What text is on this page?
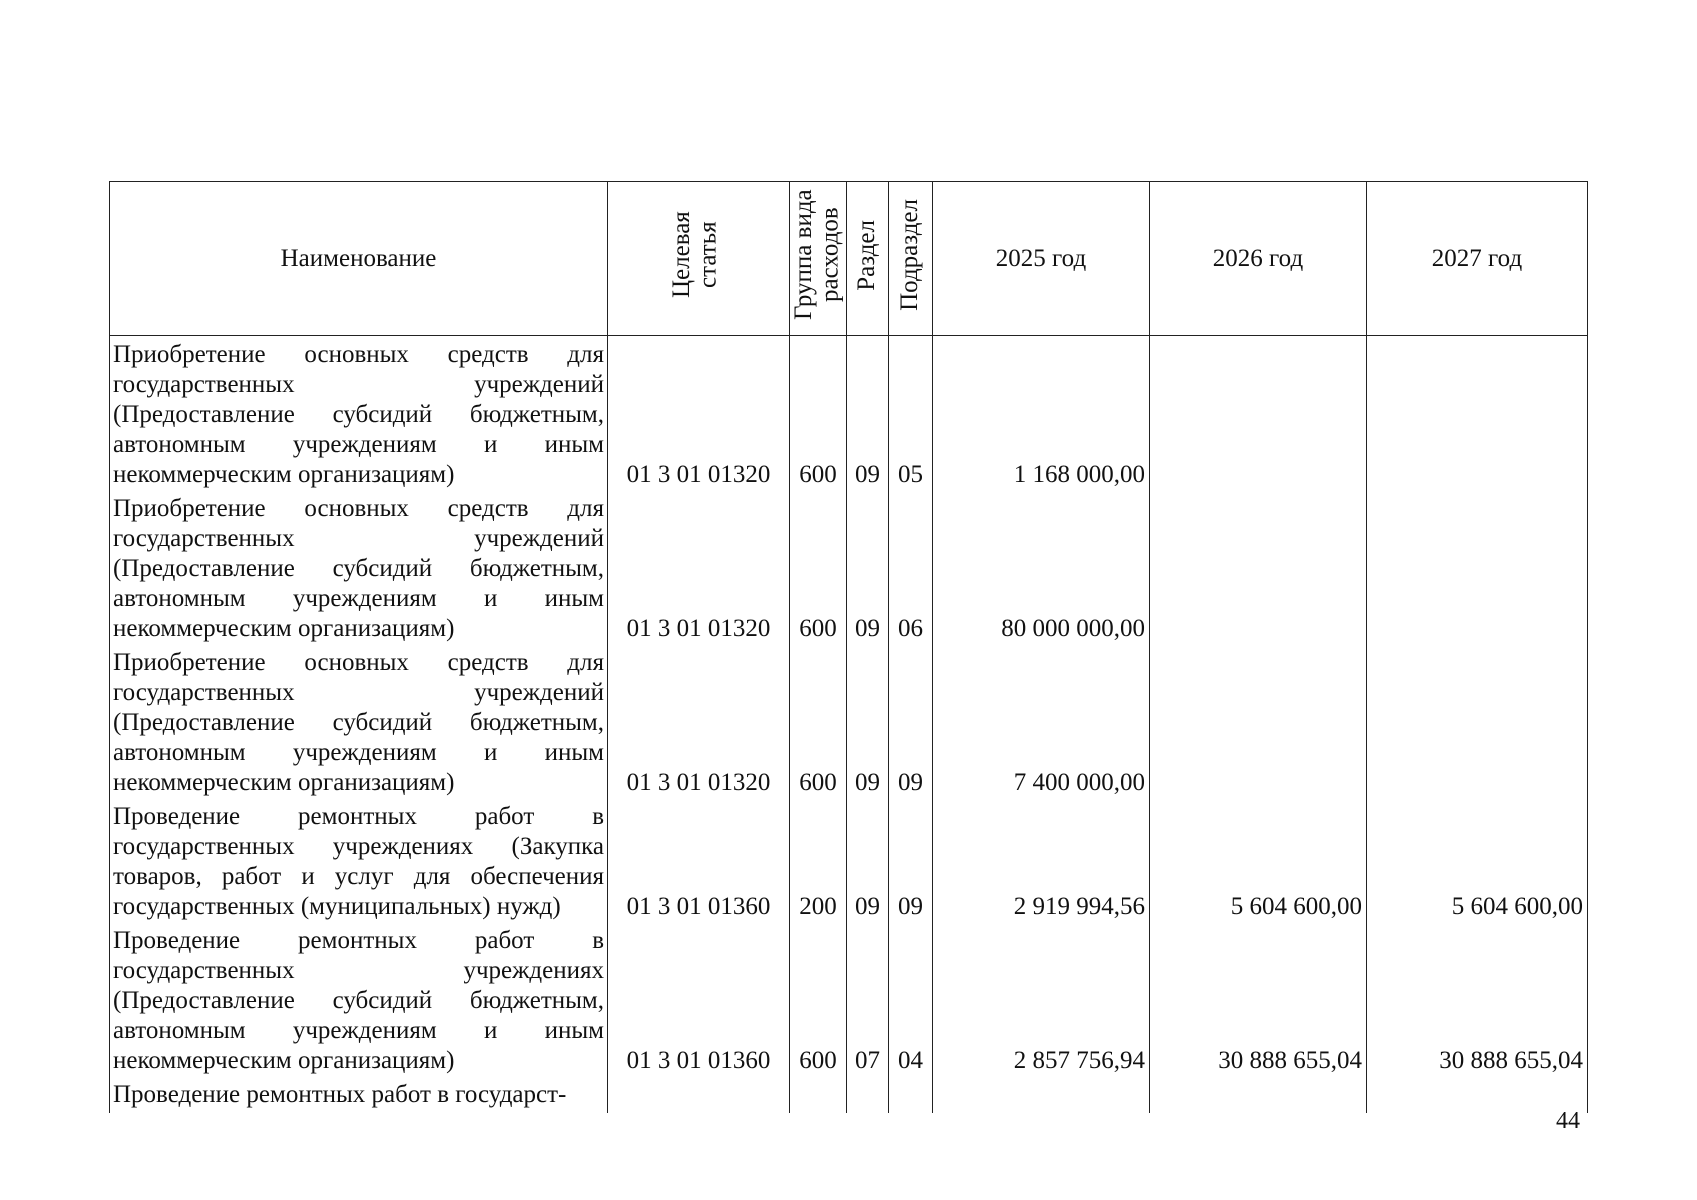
Наименование	Целевая статья	Группа вида расходов	Раздел	Подраздел	2025 год	2026 год	2027 год
Приобретение основных средств для государственных учреждений (Предоставление субсидий бюджетным, автономным учреждениям и иным некоммерческим организациям)	01 3 01 01320	600	09	05	1 168 000,00		
Приобретение основных средств для государственных учреждений (Предоставление субсидий бюджетным, автономным учреждениям и иным некоммерческим организациям)	01 3 01 01320	600	09	06	80 000 000,00		
Приобретение основных средств для государственных учреждений (Предоставление субсидий бюджетным, автономным учреждениям и иным некоммерческим организациям)	01 3 01 01320	600	09	09	7 400 000,00		
Проведение ремонтных работ в государственных учреждениях (Закупка товаров, работ и услуг для обеспечения государственных (муниципальных) нужд)	01 3 01 01360	200	09	09	2 919 994,56	5 604 600,00	5 604 600,00
Проведение ремонтных работ в государственных учреждениях (Предоставление субсидий бюджетным, автономным учреждениям и иным некоммерческим организациям)	01 3 01 01360	600	07	04	2 857 756,94	30 888 655,04	30 888 655,04
Проведение ремонтных работ в государст-							
44
